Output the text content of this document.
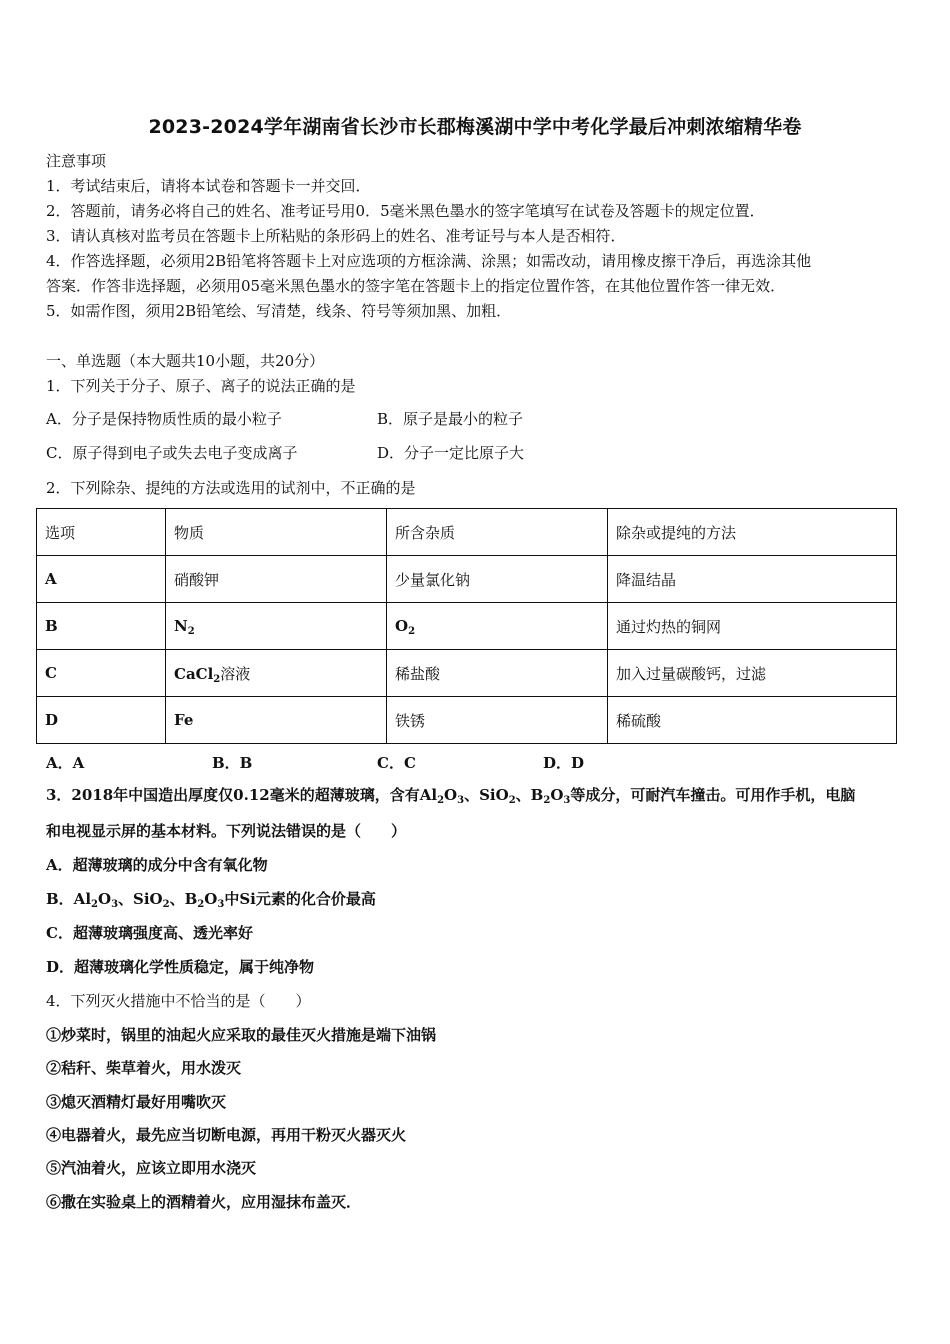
2023-2024学年湖南省长沙市长郡梅溪湖中学中考化学最后冲刺浓缩精华卷
注意事项
1．考试结束后，请将本试卷和答题卡一并交回．
2．答题前，请务必将自己的姓名、准考证号用0．5毫米黑色墨水的签字笔填写在试卷及答题卡的规定位置．
3．请认真核对监考员在答题卡上所粘贴的条形码上的姓名、准考证号与本人是否相符．
4．作答选择题，必须用2B铅笔将答题卡上对应选项的方框涂满、涂黑；如需改动，请用橡皮擦干净后，再选涂其他
答案．作答非选择题，必须用05毫米黑色墨水的签字笔在答题卡上的指定位置作答，在其他位置作答一律无效．
5．如需作图，须用2B铅笔绘、写清楚，线条、符号等须加黑、加粗．
一、单选题（本大题共10小题，共20分）
1．下列关于分子、原子、离子的说法正确的是
A．分子是保持物质性质的最小粒子	B．原子是最小的粒子
C．原子得到电子或失去电子变成离子	D．分子一定比原子大
2．下列除杂、提纯的方法或选用的试剂中，不正确的是
选项	物质	所含杂质	除杂或提纯的方法
A	硝酸钾	少量氯化钠	降温结晶
B	$N_2$	$O_2$	通过灼热的铜网
C	CaCl$_2$溶液	稀盐酸	加入过量碳酸钙，过滤
D	Fe	铁锈	稀硫酸
A．A	B．B	C．C	D．D
3．2018年中国造出厚度仅0.12毫米的超薄玻璃，含有$Al_2O_3$、SiO$_2$、$B_2O_3$等成分，可耐汽车撞击。可用作手机，电脑
和电视显示屏的基本材料。下列说法错误的是（　　）
A．超薄玻璃的成分中含有氧化物
B．$Al_2O_3$、SiO$_2$、$B_2O_3$中Si元素的化合价最高
C．超薄玻璃强度高、透光率好
D．超薄玻璃化学性质稳定，属于纯净物
4．下列灭火措施中不恰当的是（　　）
①炒菜时，锅里的油起火应采取的最佳灭火措施是端下油锅
②秸秆、柴草着火，用水泼灭
③熄灭酒精灯最好用嘴吹灭
④电器着火，最先应当切断电源，再用干粉灭火器灭火
⑤汽油着火，应该立即用水浇灭
⑥撒在实验桌上的酒精着火，应用湿抹布盖灭．
